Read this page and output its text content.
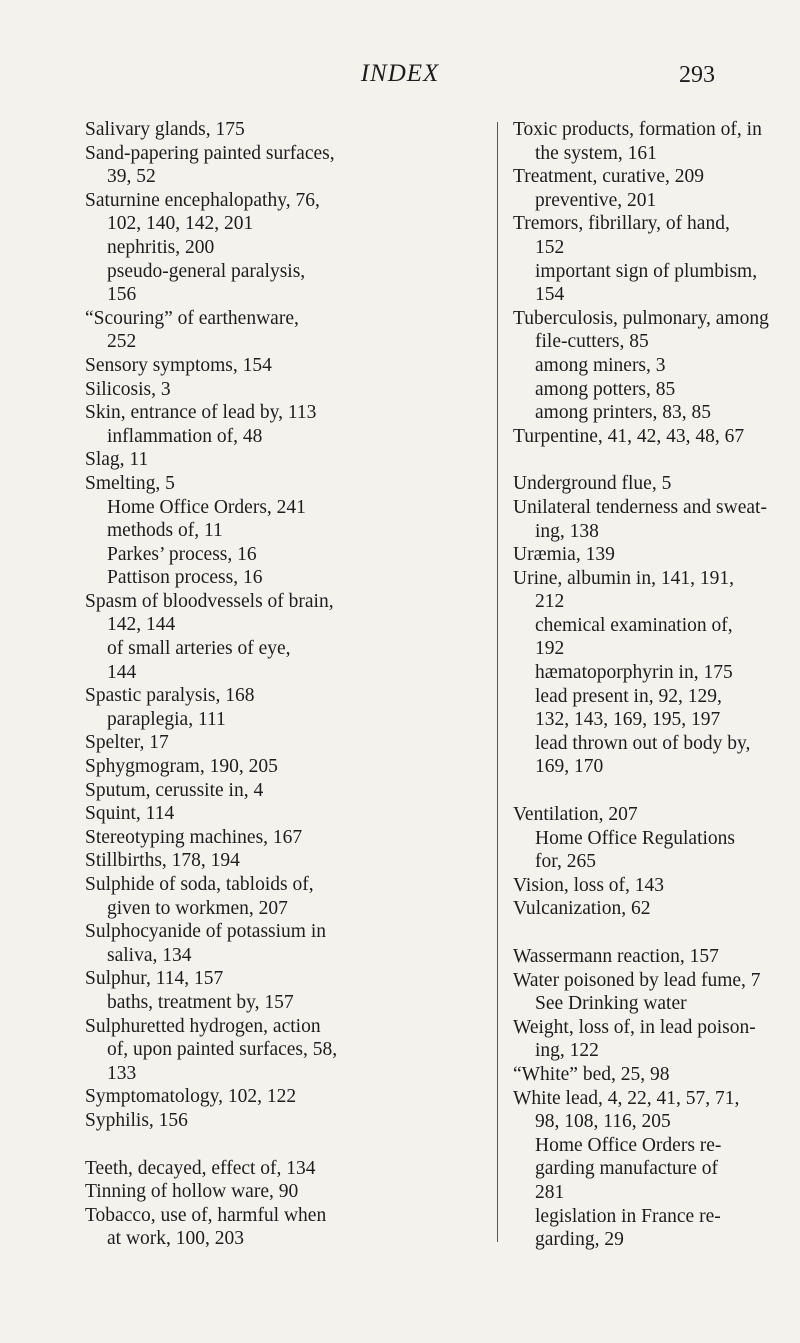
INDEX	293
Salivary glands, 175
Sand-papering painted surfaces,
39, 52
Saturnine encephalopathy, 76,
102, 140, 142, 201
nephritis, 200
pseudo-general paralysis,
156
“Scouring” of earthenware,
252
Sensory symptoms, 154
Silicosis, 3
Skin, entrance of lead by, 113
inflammation of, 48
Slag, 11
Smelting, 5
Home Office Orders, 241
methods of, 11
Parkes’ process, 16
Pattison process, 16
Spasm of bloodvessels of brain,
142, 144
of small arteries of eye,
144
Spastic paralysis, 168
paraplegia, 111
Spelter, 17
Sphygmogram, 190, 205
Sputum, cerussite in, 4
Squint, 114
Stereotyping machines, 167
Stillbirths, 178, 194
Sulphide of soda, tabloids of,
given to workmen, 207
Sulphocyanide of potassium in
saliva, 134
Sulphur, 114, 157
baths, treatment by, 157
Sulphuretted hydrogen, action
of, upon painted surfaces, 58,
133
Symptomatology, 102, 122
Syphilis, 156
Teeth, decayed, effect of, 134
Tinning of hollow ware, 90
Tobacco, use of, harmful when
at work, 100, 203
Toxic products, formation of, in
the system, 161
Treatment, curative, 209
preventive, 201
Tremors, fibrillary, of hand,
152
important sign of plumbism,
154
Tuberculosis, pulmonary, among
file-cutters, 85
among miners, 3
among potters, 85
among printers, 83, 85
Turpentine, 41, 42, 43, 48, 67
Underground flue, 5
Unilateral tenderness and sweat-
ing, 138
Uræmia, 139
Urine, albumin in, 141, 191,
212
chemical examination of,
192
hæmatoporphyrin in, 175
lead present in, 92, 129,
132, 143, 169, 195, 197
lead thrown out of body by,
169, 170
Ventilation, 207
Home Office Regulations
for, 265
Vision, loss of, 143
Vulcanization, 62
Wassermann reaction, 157
Water poisoned by lead fume, 7
See Drinking water
Weight, loss of, in lead poison-
ing, 122
“White” bed, 25, 98
White lead, 4, 22, 41, 57, 71,
98, 108, 116, 205
Home Office Orders re-
garding manufacture of
281
legislation in France re-
garding, 29
